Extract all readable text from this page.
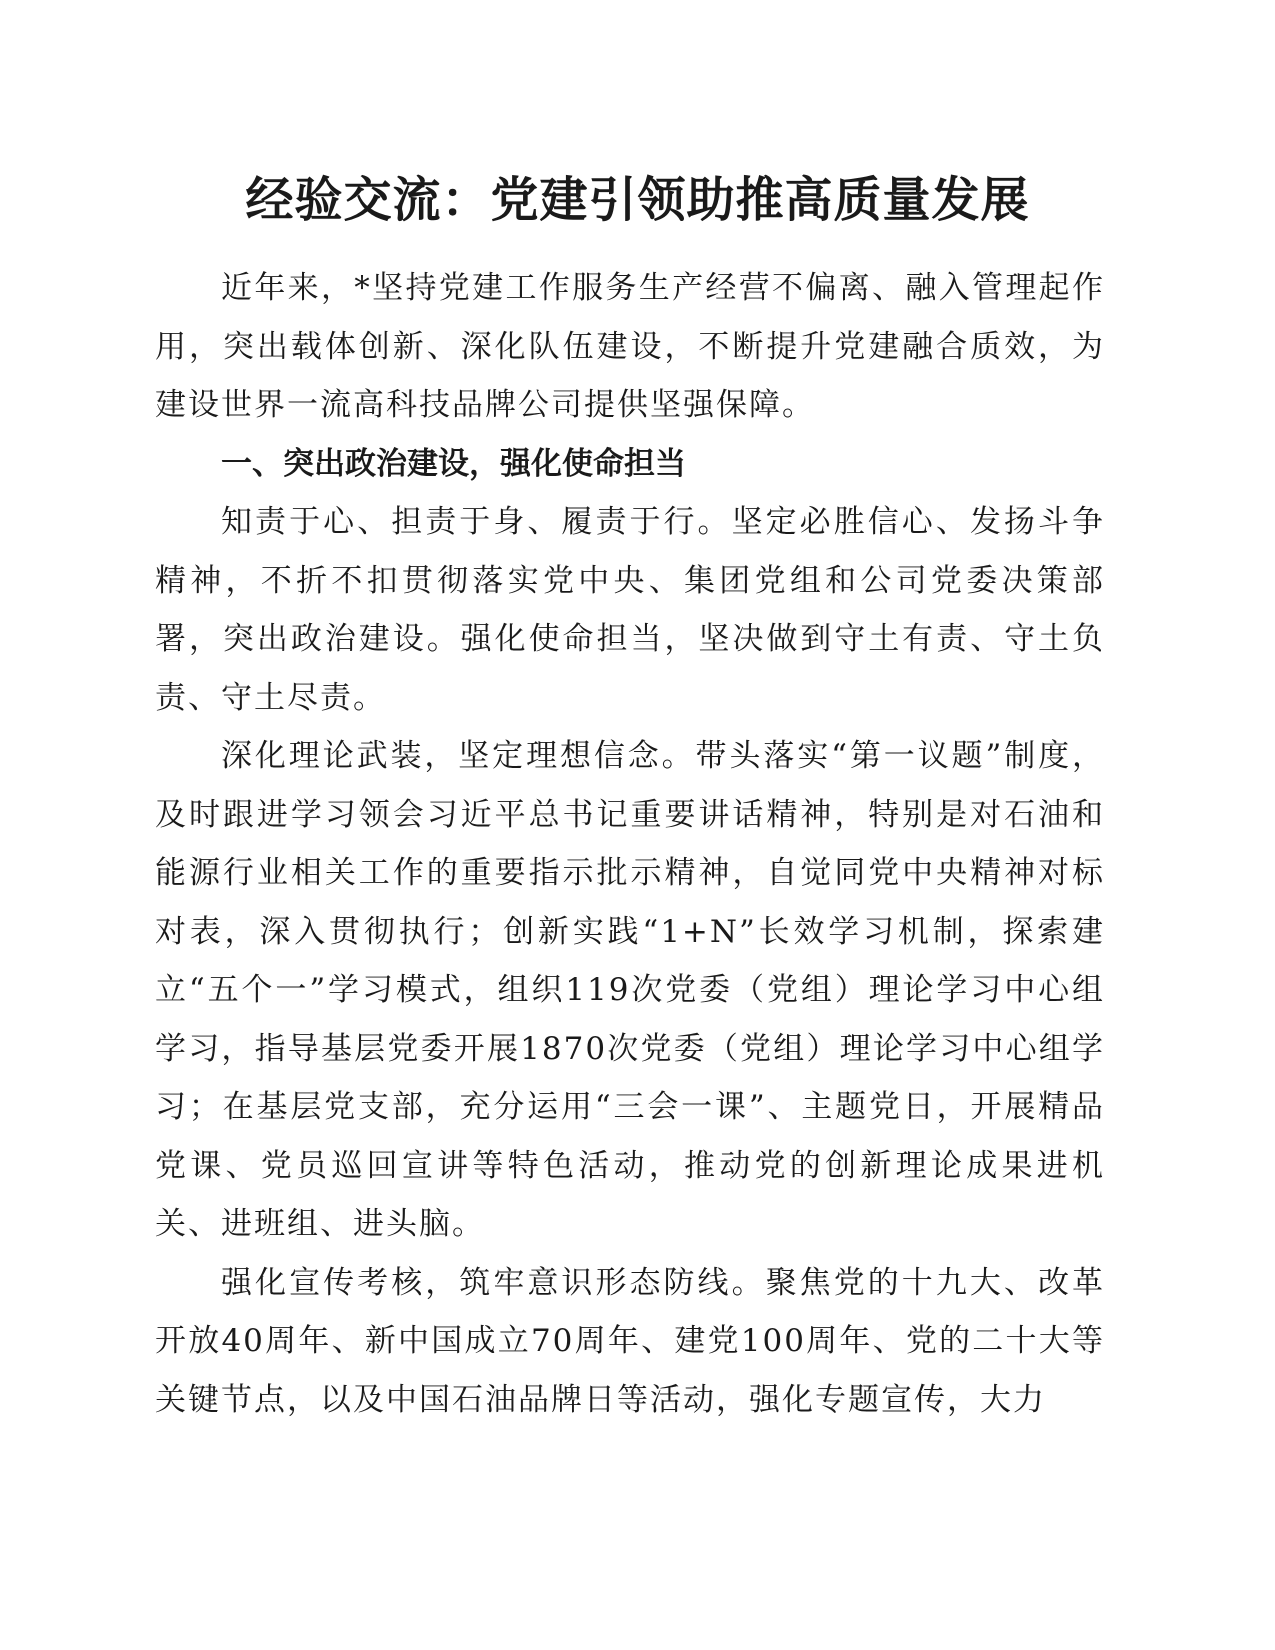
经验交流：党建引领助推高质量发展

近年来，*坚持党建工作服务生产经营不偏离、融入管理起作用，突出载体创新、深化队伍建设，不断提升党建融合质效，为建设世界一流高科技品牌公司提供坚强保障。

一、突出政治建设，强化使命担当

知责于心、担责于身、履责于行。坚定必胜信心、发扬斗争精神，不折不扣贯彻落实党中央、集团党组和公司党委决策部署，突出政治建设。强化使命担当，坚决做到守土有责、守土负责、守土尽责。

深化理论武装，坚定理想信念。带头落实“第一议题”制度，及时跟进学习领会习近平总书记重要讲话精神，特别是对石油和能源行业相关工作的重要指示批示精神，自觉同党中央精神对标对表，深入贯彻执行；创新实践“1+N”长效学习机制，探索建立“五个一”学习模式，组织119次党委（党组）理论学习中心组学习，指导基层党委开展1870次党委（党组）理论学习中心组学习；在基层党支部，充分运用“三会一课”、主题党日，开展精品党课、党员巡回宣讲等特色活动，推动党的创新理论成果进机关、进班组、进头脑。

强化宣传考核，筑牢意识形态防线。聚焦党的十九大、改革开放40周年、新中国成立70周年、建党100周年、党的二十大等关键节点，以及中国石油品牌日等活动，强化专题宣传，大力
